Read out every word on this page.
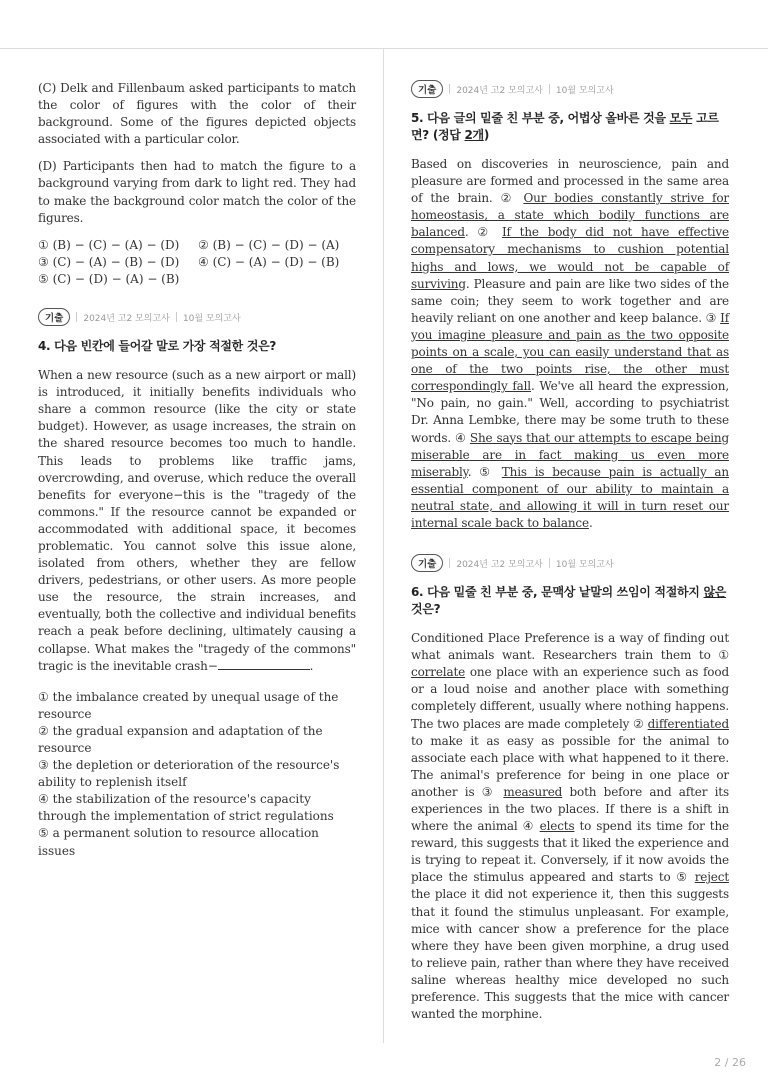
(C) Delk and Fillenbaum asked participants to match the color of figures with the color of their background. Some of the figures depicted objects associated with a particular color.

(D) Participants then had to match the figure to a background varying from dark to light red. They had to make the background color match the color of the figures.

① (B) − (C) − (A) − (D)	② (B) − (C) − (D) − (A)
③ (C) − (A) − (B) − (D)	④ (C) − (A) − (D) − (B)
⑤ (C) − (D) − (A) − (B)
기출	2024년 고2 모의고사 10월 모의고사
4. 다음 빈칸에 들어갈 말로 가장 적절한 것은?

When a new resource (such as a new airport or mall) is introduced, it initially benefits individuals who share a common resource (like the city or state budget). However, as usage increases, the strain on the shared resource becomes too much to handle. This leads to problems like traffic jams, overcrowding, and overuse, which reduce the overall benefits for everyone−this is the "tragedy of the commons." If the resource cannot be expanded or accommodated with additional space, it becomes problematic. You cannot solve this issue alone, isolated from others, whether they are fellow drivers, pedestrians, or other users. As more people use the resource, the strain increases, and eventually, both the collective and individual benefits reach a peak before declining, ultimately causing a collapse. What makes the "tragedy of the commons" tragic is the inevitable crash−	.

① the imbalance created by unequal usage of the resource

② the gradual expansion and adaptation of the resource

③ the depletion or deterioration of the resource's ability to replenish itself

④ the stabilization of the resource's capacity through the implementation of strict regulations

⑤ a permanent solution to resource allocation issues

기출	2024년 고2 모의고사 10월 모의고사
5. 다음 글의 밑줄 친 부분 중, 어법상 올바른 것을 모두 고르면? (정답 2개)

Based on discoveries in neuroscience, pain and pleasure are formed and processed in the same area of the brain. ② Our bodies constantly strive for homeostasis, a state which bodily functions are balanced. ② If the body did not have effective compensatory mechanisms to cushion potential highs and lows, we would not be capable of surviving. Pleasure and pain are like two sides of the same coin; they seem to work together and are heavily reliant on one another and keep balance. ③ If you imagine pleasure and pain as the two opposite points on a scale, you can easily understand that as one of the two points rise, the other must correspondingly fall. We've all heard the expression, "No pain, no gain." Well, according to psychiatrist Dr. Anna Lembke, there may be some truth to these words. ④ She says that our attempts to escape being miserable are in fact making us even more miserably. ⑤ This is because pain is actually an essential component of our ability to maintain a neutral state, and allowing it will in turn reset our internal scale back to balance.

기출	2024년 고2 모의고사 10월 모의고사
6. 다음 밑줄 친 부분 중, 문맥상 낱말의 쓰임이 적절하지 않은 것은?

Conditioned Place Preference is a way of finding out what animals want. Researchers train them to ① correlate one place with an experience such as food or a loud noise and another place with something completely different, usually where nothing happens. The two places are made completely ② differentiated to make it as easy as possible for the animal to associate each place with what happened to it there. The animal's preference for being in one place or another is ③ measured both before and after its experiences in the two places. If there is a shift in where the animal ④ elects to spend its time for the reward, this suggests that it liked the experience and is trying to repeat it. Conversely, if it now avoids the place the stimulus appeared and starts to ⑤ reject the place it did not experience it, then this suggests that it found the stimulus unpleasant. For example, mice with cancer show a preference for the place where they have been given morphine, a drug used to relieve pain, rather than where they have received saline whereas healthy mice developed no such preference. This suggests that the mice with cancer wanted the morphine.

2 / 26
